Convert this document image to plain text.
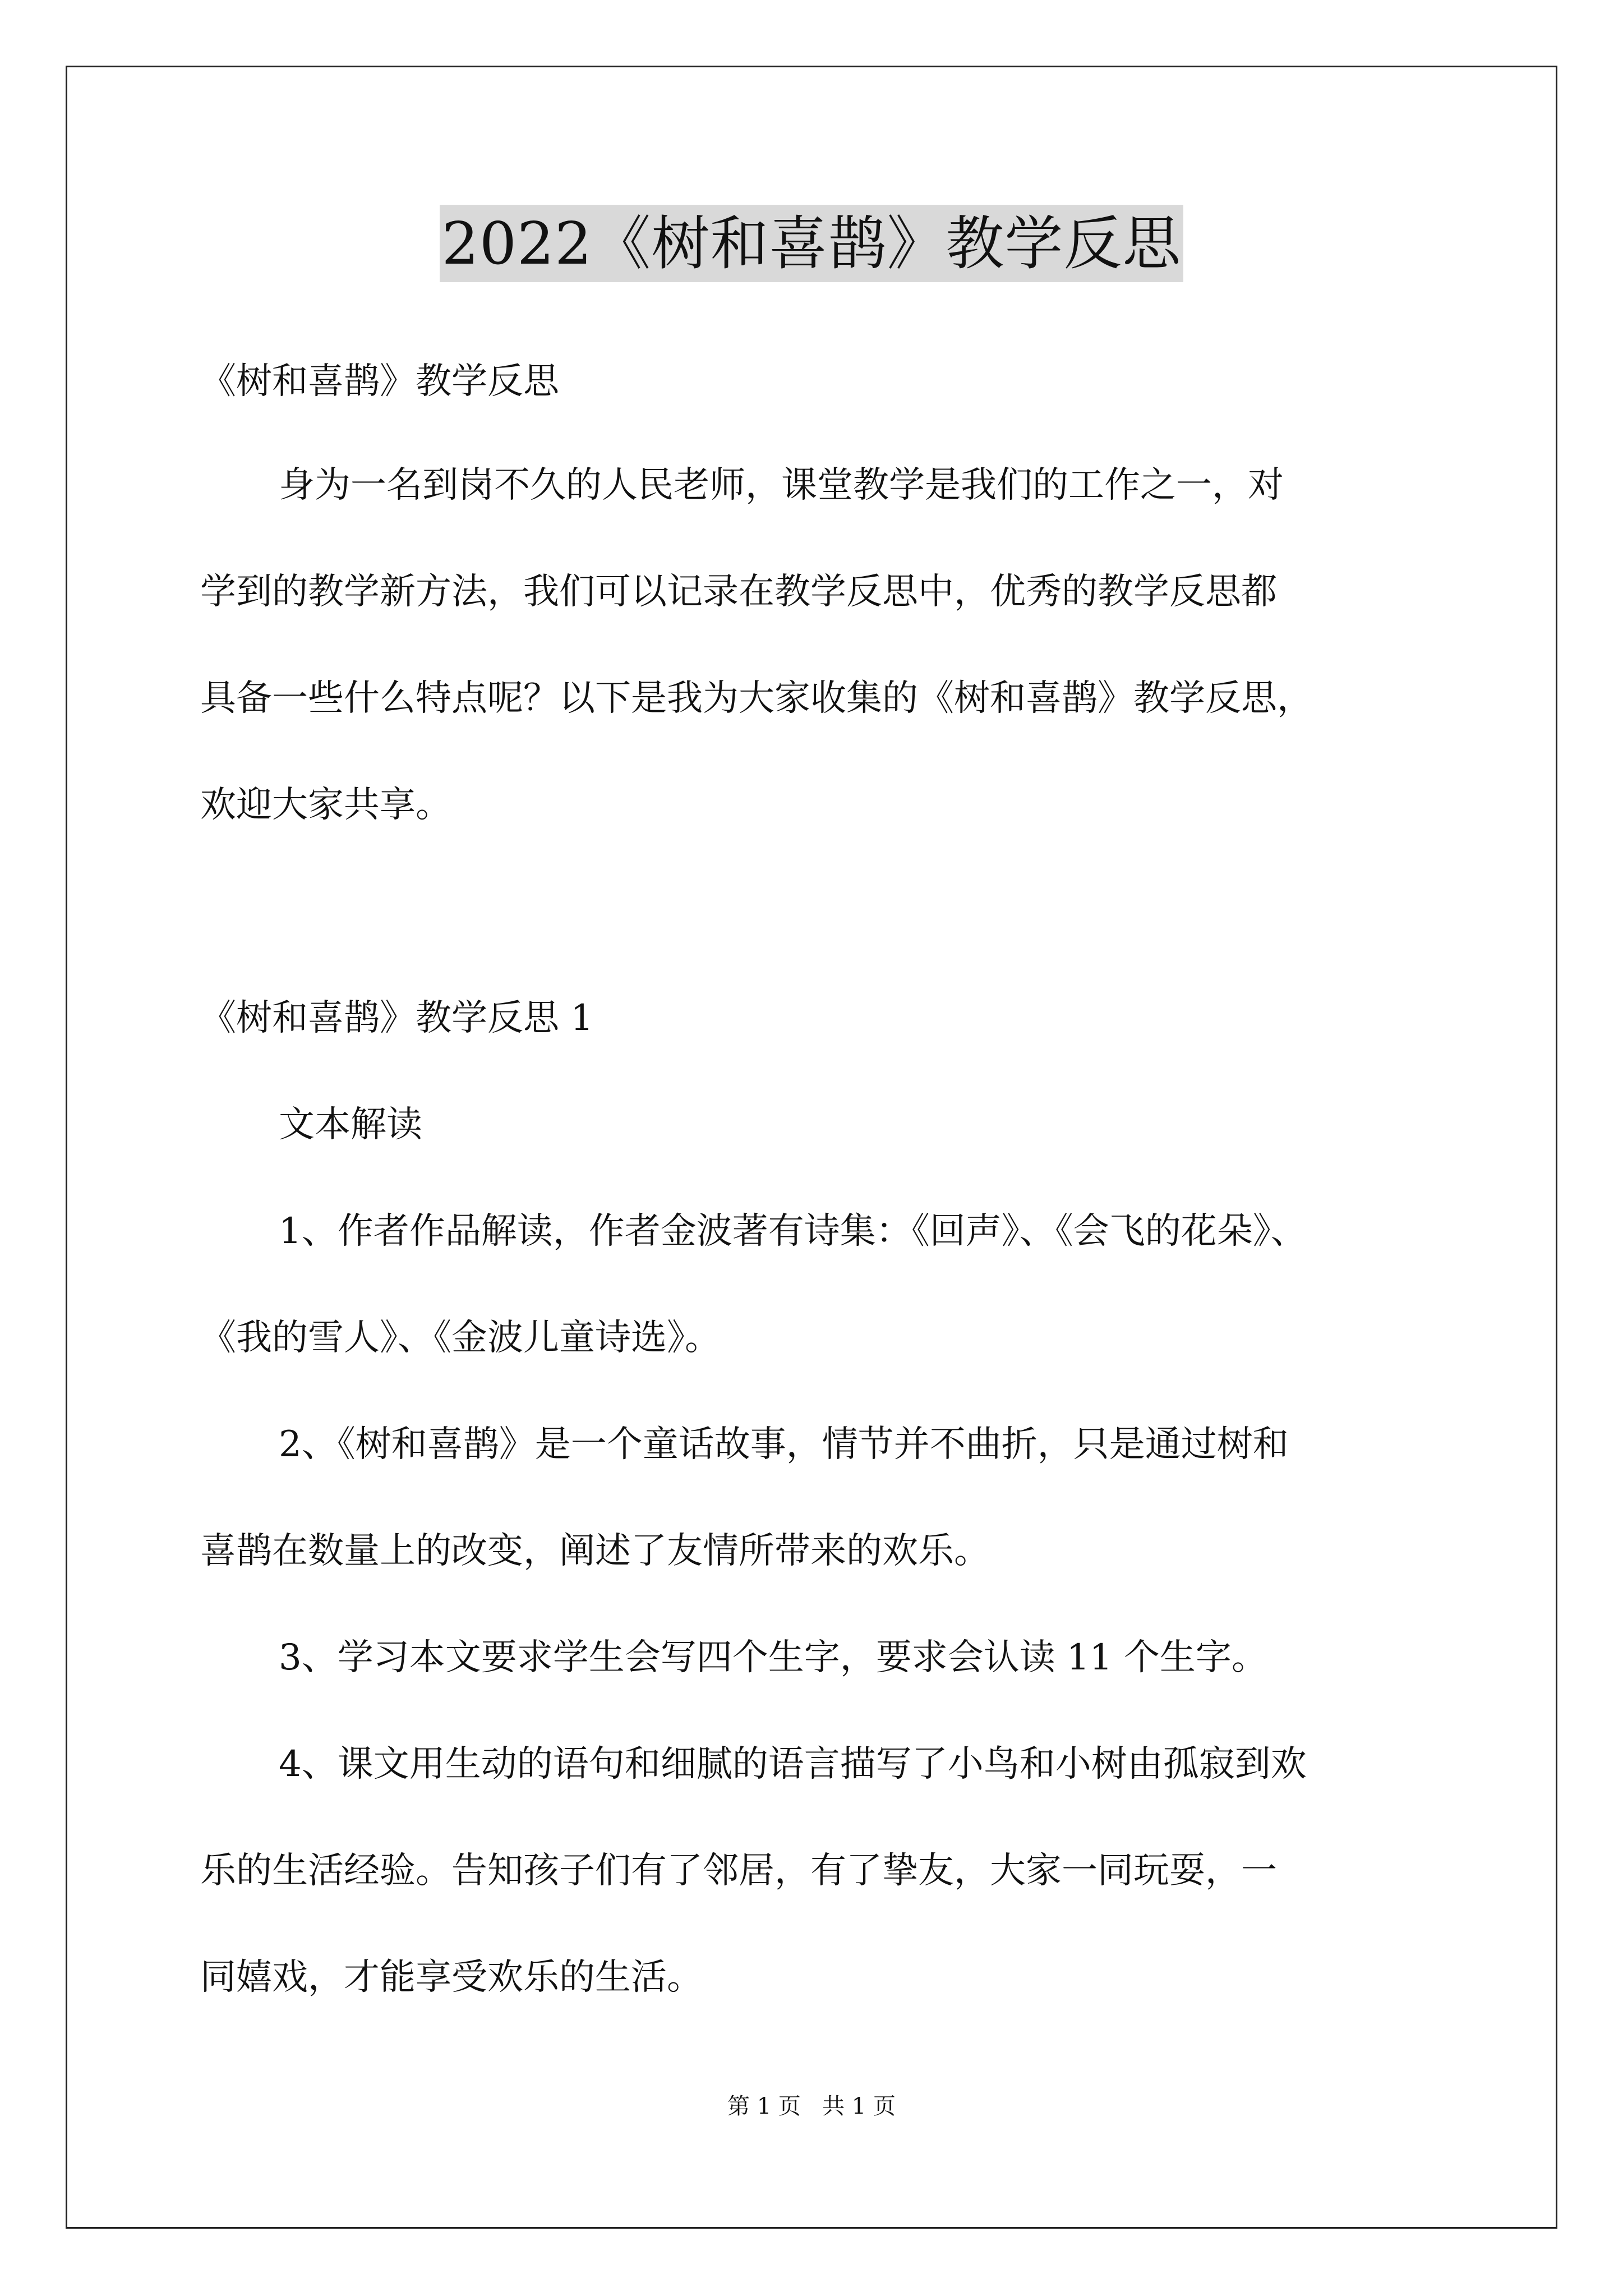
2022《树和喜鹊》教学反思
《树和喜鹊》教学反思
身为一名到岗不久的人民老师，课堂教学是我们的工作之一，对
学到的教学新方法，我们可以记录在教学反思中，优秀的教学反思都
具备一些什么特点呢？以下是我为大家收集的《树和喜鹊》教学反思，
欢迎大家共享。
《树和喜鹊》教学反思 1
文本解读
1、作者作品解读，作者金波著有诗集：《回声》、《会飞的花朵》、
《我的雪人》、《金波儿童诗选》。
2、《树和喜鹊》是一个童话故事，情节并不曲折，只是通过树和
喜鹊在数量上的改变，阐述了友情所带来的欢乐。
3、学习本文要求学生会写四个生字，要求会认读 11 个生字。
4、课文用生动的语句和细腻的语言描写了小鸟和小树由孤寂到欢
乐的生活经验。告知孩子们有了邻居，有了挚友，大家一同玩耍，一
同嬉戏，才能享受欢乐的生活。
第 1 页   共 1 页
